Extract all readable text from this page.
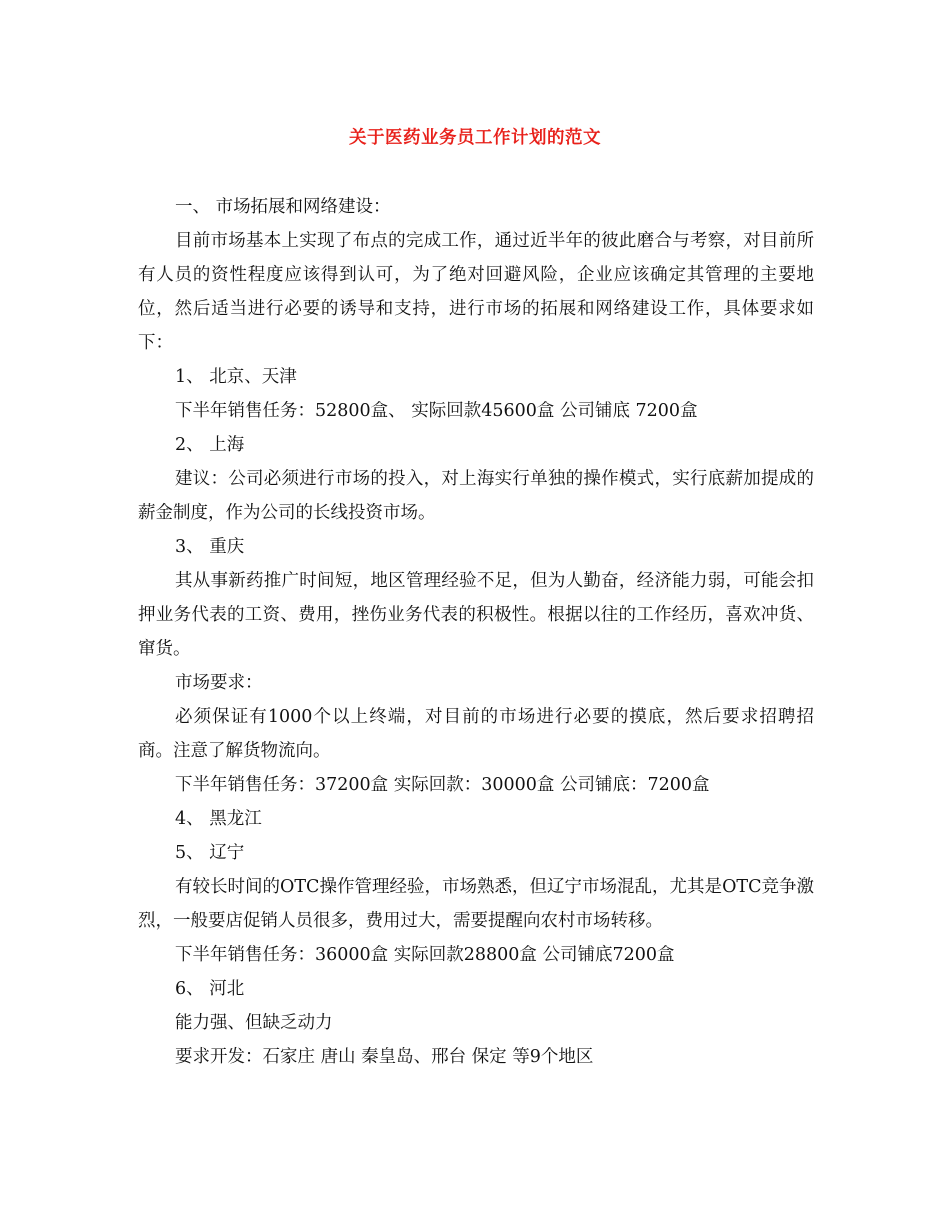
关于医药业务员工作计划的范文

一、 市场拓展和网络建设：

目前市场基本上实现了布点的完成工作，通过近半年的彼此磨合与考察，对目前所有人员的资性程度应该得到认可，为了绝对回避风险，企业应该确定其管理的主要地位，然后适当进行必要的诱导和支持，进行市场的拓展和网络建设工作，具体要求如下：

1、 北京、天津

下半年销售任务：52800盒、 实际回款45600盒 公司铺底 7200盒

2、 上海

建议：公司必须进行市场的投入，对上海实行单独的操作模式，实行底薪加提成的薪金制度，作为公司的长线投资市场。

3、 重庆

其从事新药推广时间短，地区管理经验不足，但为人勤奋，经济能力弱，可能会扣押业务代表的工资、费用，挫伤业务代表的积极性。根据以往的工作经历，喜欢冲货、窜货。

市场要求：

必须保证有1000个以上终端，对目前的市场进行必要的摸底，然后要求招聘招商。注意了解货物流向。

下半年销售任务：37200盒 实际回款：30000盒 公司铺底：7200盒

4、 黑龙江

5、 辽宁

有较长时间的OTC操作管理经验，市场熟悉，但辽宁市场混乱，尤其是OTC竞争激烈，一般要店促销人员很多，费用过大，需要提醒向农村市场转移。

下半年销售任务：36000盒 实际回款28800盒 公司铺底7200盒

6、 河北

能力强、但缺乏动力

要求开发：石家庄 唐山 秦皇岛、邢台 保定 等9个地区
